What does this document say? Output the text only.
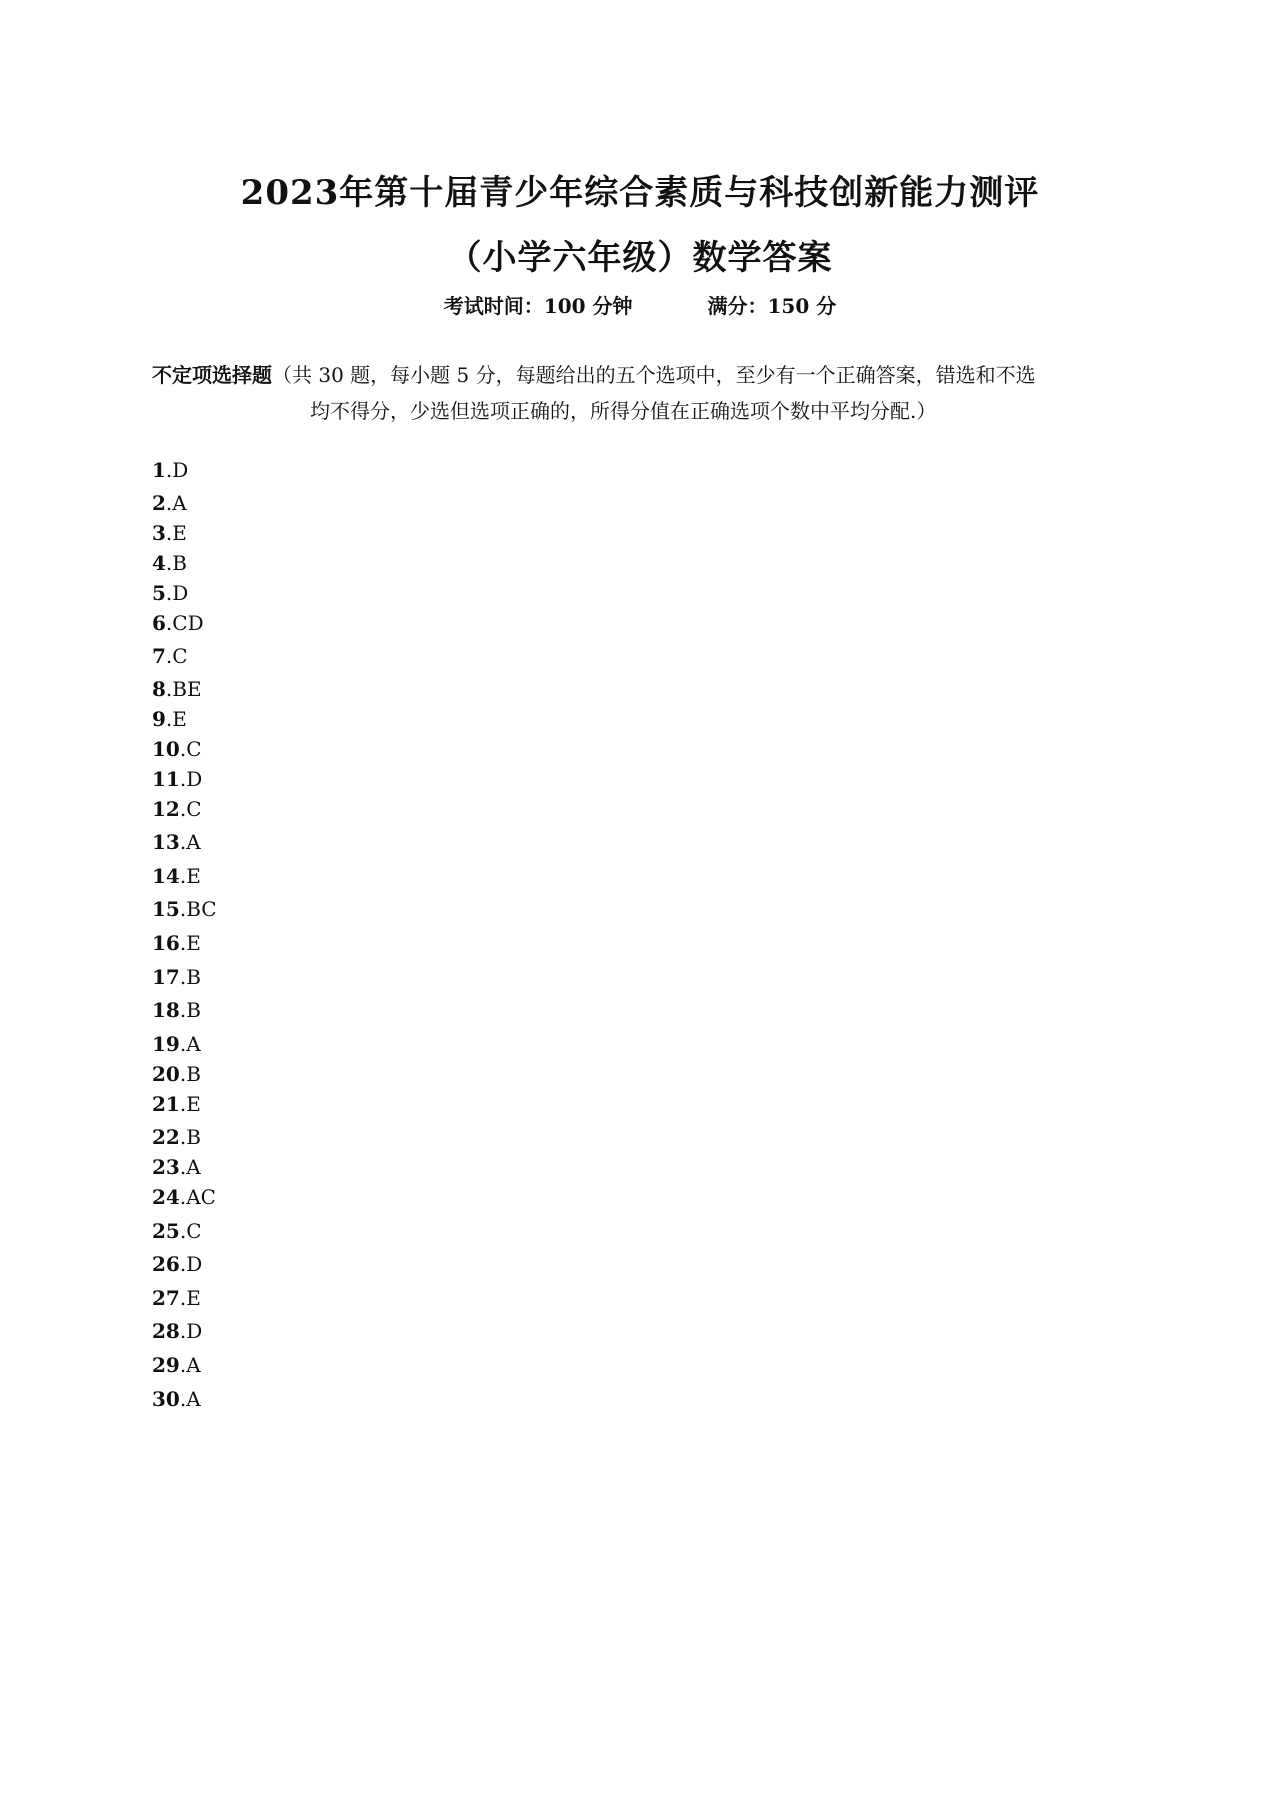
2023年第十届青少年综合素质与科技创新能力测评
（小学六年级）数学答案
考试时间：100 分钟	满分：150 分
不定项选择题（共 30 题，每小题 5 分，每题给出的五个选项中，至少有一个正确答案，错选和不选
均不得分，少选但选项正确的，所得分值在正确选项个数中平均分配.）
1.D
2.A
3.E
4.B
5.D
6.CD
7.C
8.BE
9.E
10.C
11.D
12.C
13.A
14.E
15.BC
16.E
17.B
18.B
19.A
20.B
21.E
22.B
23.A
24.AC
25.C
26.D
27.E
28.D
29.A
30.A
